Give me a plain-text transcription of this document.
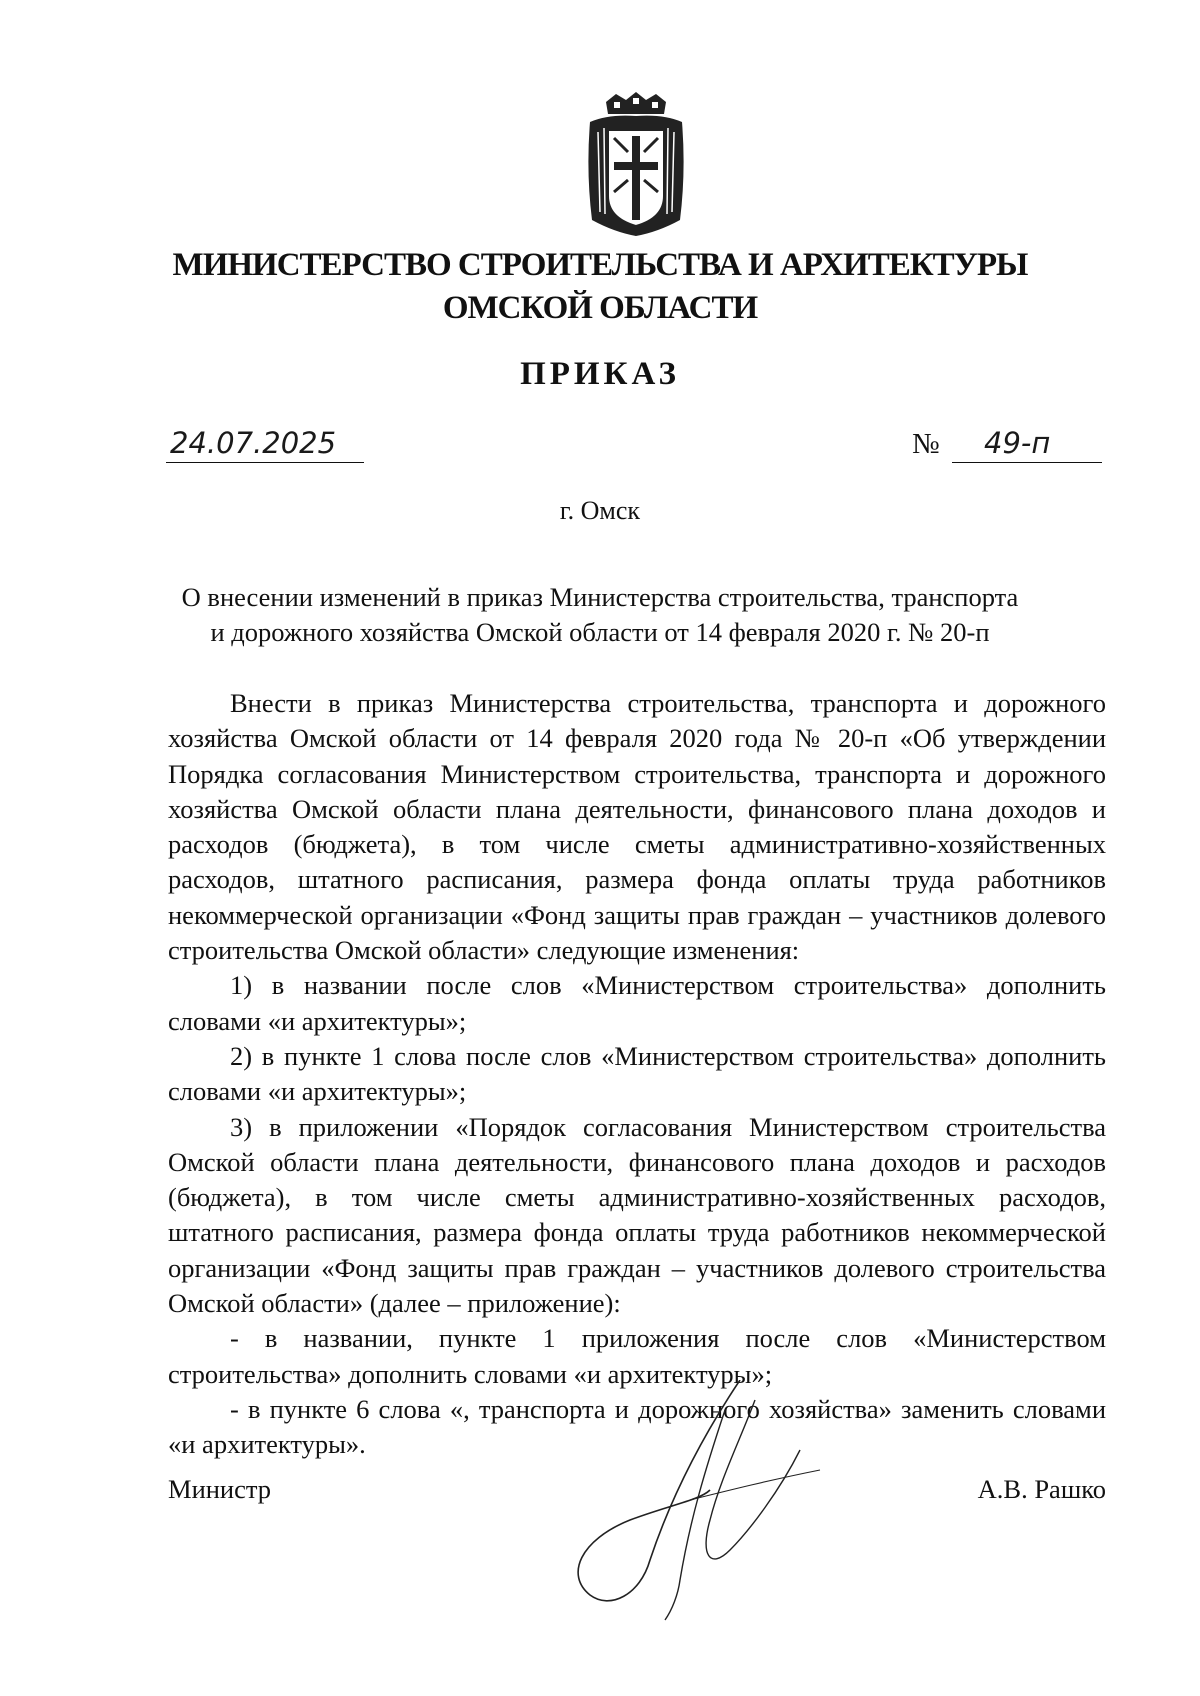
МИНИСТЕРСТВО СТРОИТЕЛЬСТВА И АРХИТЕКТУРЫ
ОМСКОЙ ОБЛАСТИ
ПРИКАЗ
24.07.2025	№ 49-п
г. Омск
О внесении изменений в приказ Министерства строительства, транспорта
и дорожного хозяйства Омской области от 14 февраля 2020 г. № 20-п

Внести в приказ Министерства строительства, транспорта и дорожного хозяйства Омской области от 14 февраля 2020 года № 20-п «Об утверждении Порядка согласования Министерством строительства, транспорта и дорожного хозяйства Омской области плана деятельности, финансового плана доходов и расходов (бюджета), в том числе сметы административно-хозяйственных расходов, штатного расписания, размера фонда оплаты труда работников некоммерческой организации «Фонд защиты прав граждан – участников долевого строительства Омской области» следующие изменения:

1) в названии после слов «Министерством строительства» дополнить словами «и архитектуры»;

2) в пункте 1 слова после слов «Министерством строительства» дополнить словами «и архитектуры»;

3) в приложении «Порядок согласования Министерством строительства Омской области плана деятельности, финансового плана доходов и расходов (бюджета), в том числе сметы административно-хозяйственных расходов, штатного расписания, размера фонда оплаты труда работников некоммерческой организации «Фонд защиты прав граждан – участников долевого строительства Омской области» (далее – приложение):

- в названии, пункте 1 приложения после слов «Министерством строительства» дополнить словами «и архитектуры»;

- в пункте 6 слова «, транспорта и дорожного хозяйства» заменить словами «и архитектуры».

Министр	А.В. Рашко
